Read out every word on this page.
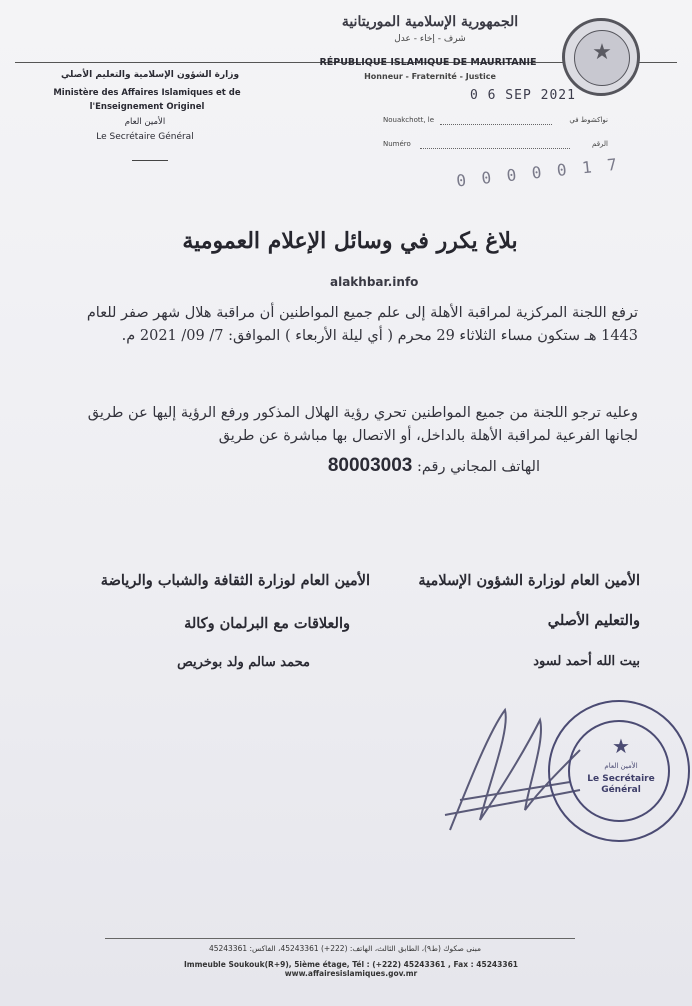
الجمهورية الإسلامية الموريتانية
شرف - إخاء - عدل
RÉPUBLIQUE ISLAMIQUE DE MAURITANIE
Honneur - Fraternité - Justice
★
وزارة الشؤون الإسلامية والتعليم الأصلي
Ministère des Affaires Islamiques et de l'Enseignement Originel
الأمين العام
Le Secrétaire Général
0 6 SEP 2021
Nouakchott, le	نواكشوط في
Numéro	الرقم
0 0 0 0 0 1 7
بلاغ يكرر في وسائل الإعلام العمومية
alakhbar.info
ترفع اللجنة المركزية لمراقبة الأهلة إلى علم جميع المواطنين أن مراقبة هلال شهر صفر للعام 1443 هـ ستكون مساء الثلاثاء 29 محرم ( أي ليلة الأربعاء ) الموافق: 7/ 09/ 2021 م.
وعليه ترجو اللجنة من جميع المواطنين تحري رؤية الهلال المذكور ورفع الرؤية إليها عن طريق لجانها الفرعية لمراقبة الأهلة بالداخل، أو الاتصال بها مباشرة عن طريق
الهاتف المجاني رقم: 80003003
الأمين العام لوزارة الشؤون الإسلامية
والتعليم الأصلي
بيت الله أحمد لسود
الأمين العام لوزارة الثقافة والشباب والرياضة
والعلاقات مع البرلمان وكالة
محمد سالم ولد بوخريص
★
الأمين العام
Le Secrétaire Général
مبنى صكوك (ط٩)، الطابق الثالث، الهاتف: (222+) 45243361، الفاكس: 45243361
Immeuble Soukouk(R+9), 5ième étage, Tél : (+222) 45243361 , Fax : 45243361 www.affairesislamiques.gov.mr
